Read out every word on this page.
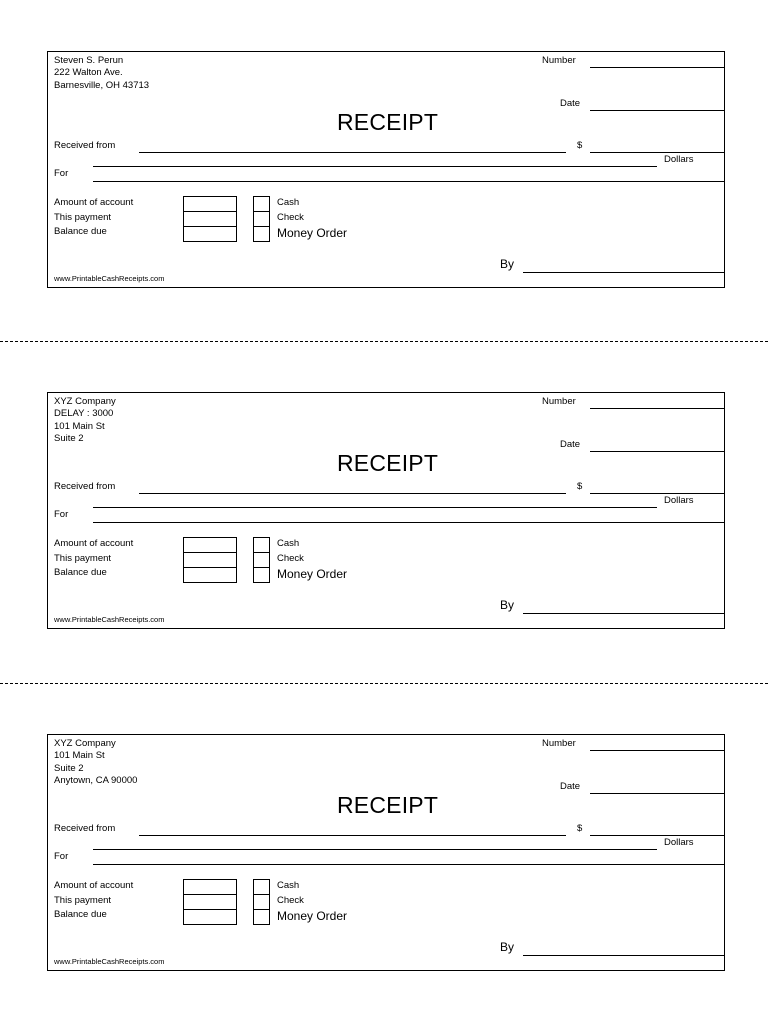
Steven S. Perun
222 Walton Ave.
Barnesville, OH 43713
Number
Date
RECEIPT
Received from	$
Dollars
For
Amount of account
This payment
Balance due
Cash
Check
Money Order
By
www.PrintableCashReceipts.com
XYZ Company
DELAY : 3000
101 Main St
Suite 2
Number
Date
RECEIPT
Received from	$
Dollars
For
Amount of account
This payment
Balance due
Cash
Check
Money Order
By
www.PrintableCashReceipts.com
XYZ Company
101 Main St
Suite 2
Anytown, CA 90000
Number
Date
RECEIPT
Received from	$
Dollars
For
Amount of account
This payment
Balance due
Cash
Check
Money Order
By
www.PrintableCashReceipts.com
